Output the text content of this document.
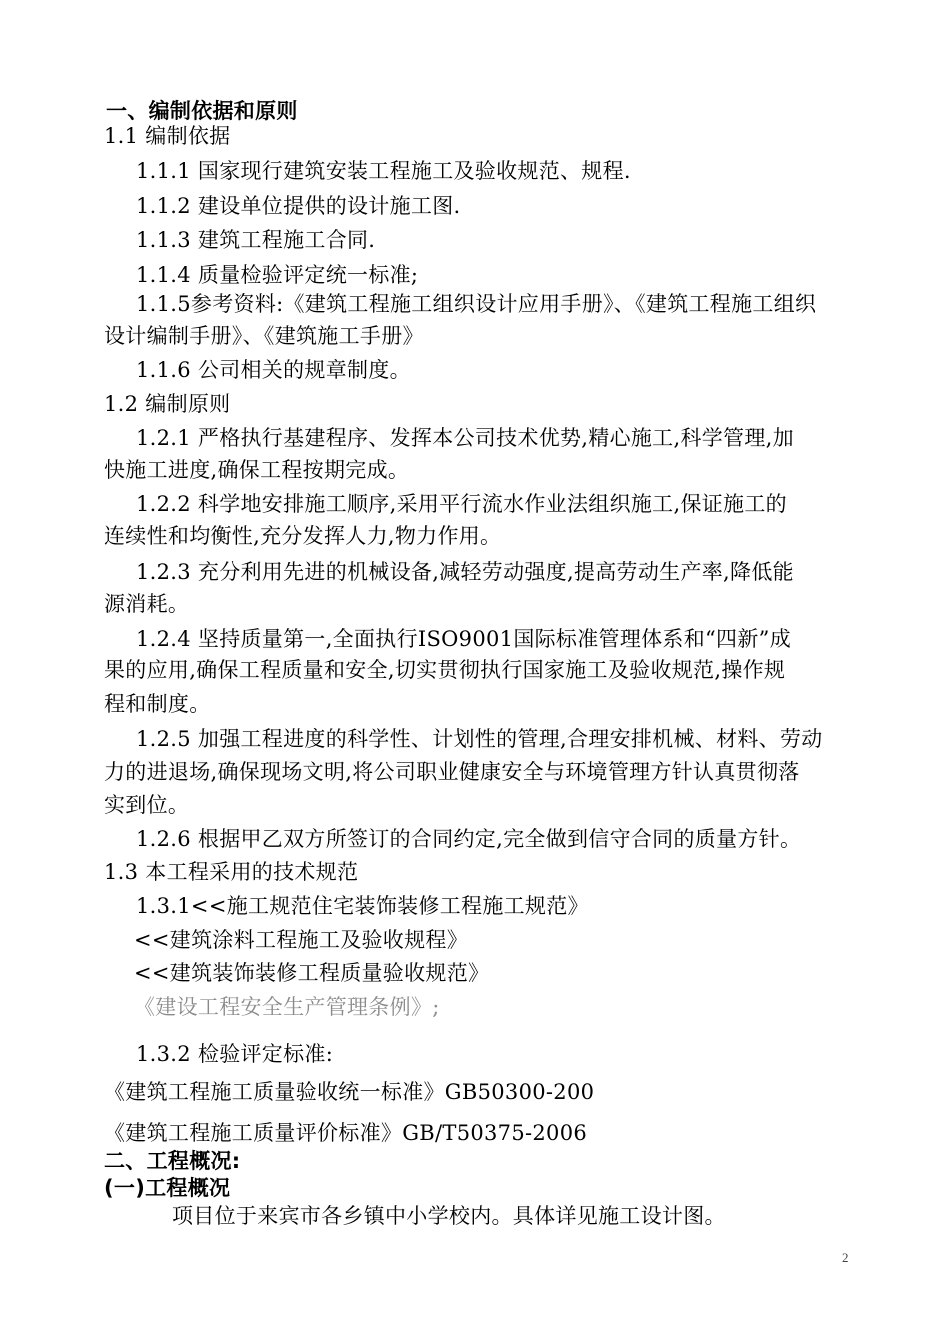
一、编制依据和原则
1.1 编制依据
1.1.1 国家现行建筑安装工程施工及验收规范、规程.
1.1.2 建设单位提供的设计施工图.
1.1.3 建筑工程施工合同.
1.1.4 质量检验评定统一标准;
1.1.5参考资料:《建筑工程施工组织设计应用手册》、《建筑工程施工组织
设计编制手册》、《建筑施工手册》
1.1.6 公司相关的规章制度。
1.2 编制原则
1.2.1 严格执行基建程序、发挥本公司技术优势,精心施工,科学管理,加
快施工进度,确保工程按期完成。
1.2.2 科学地安排施工顺序,采用平行流水作业法组织施工,保证施工的
连续性和均衡性,充分发挥人力,物力作用。
1.2.3 充分利用先进的机械设备,减轻劳动强度,提高劳动生产率,降低能
源消耗。
1.2.4 坚持质量第一,全面执行ISO9001国际标准管理体系和“四新”成
果的应用,确保工程质量和安全,切实贯彻执行国家施工及验收规范,操作规
程和制度。
1.2.5 加强工程进度的科学性、计划性的管理,合理安排机械、材料、劳动
力的进退场,确保现场文明,将公司职业健康安全与环境管理方针认真贯彻落
实到位。
1.2.6 根据甲乙双方所签订的合同约定,完全做到信守合同的质量方针。
1.3 本工程采用的技术规范
1.3.1<<施工规范住宅装饰装修工程施工规范》
<<建筑涂料工程施工及验收规程》
<<建筑装饰装修工程质量验收规范》
《建设工程安全生产管理条例》;
1.3.2 检验评定标准:
《建筑工程施工质量验收统一标准》GB50300-200
《建筑工程施工质量评价标准》GB/T50375-2006
二、工程概况:
(一)工程概况
项目位于来宾市各乡镇中小学校内。具体详见施工设计图。
2
